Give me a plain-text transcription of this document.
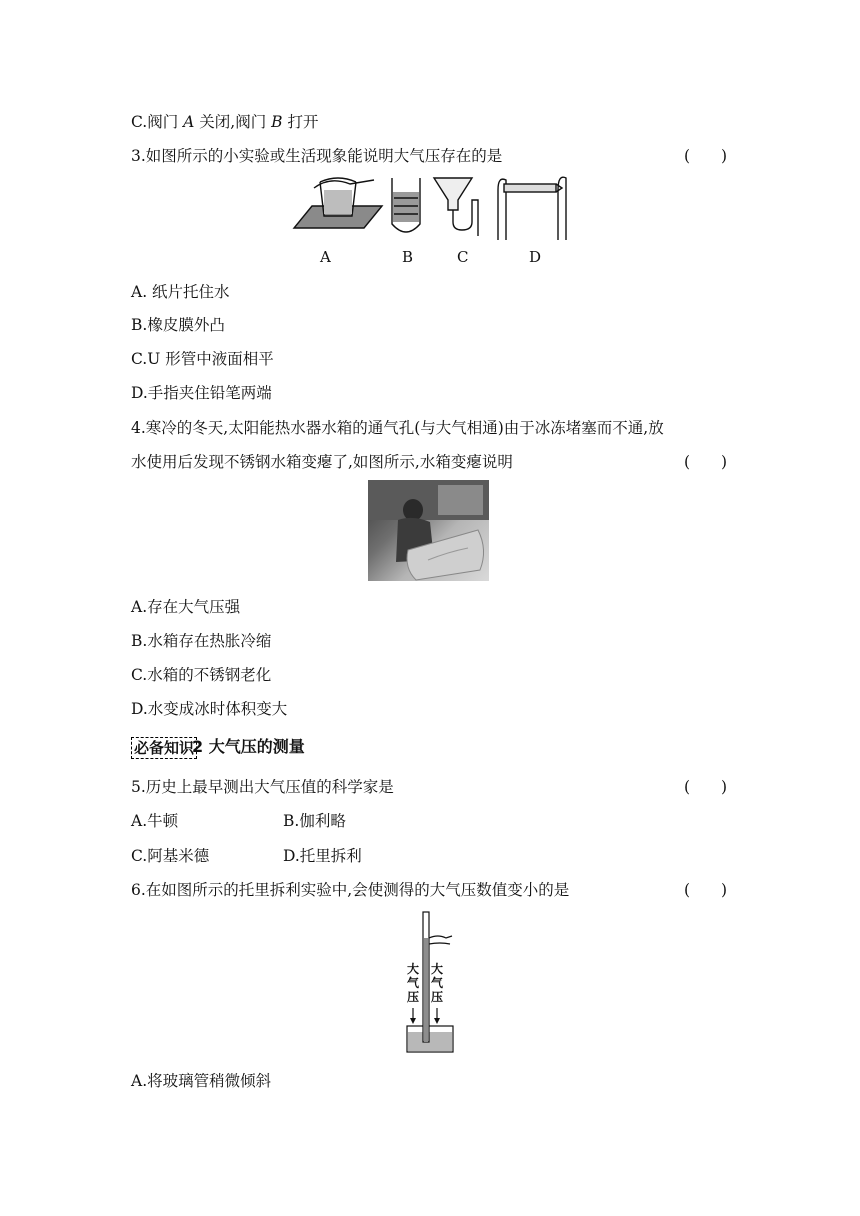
C.阀门 A 关闭,阀门 B 打开
3.如图所示的小实验或生活现象能说明大气压存在的是	(　　)
A	B	C	D
A. 纸片托住水
B.橡皮膜外凸
C.U 形管中液面相平
D.手指夹住铅笔两端
4.寒冷的冬天,太阳能热水器水箱的通气孔(与大气相通)由于冰冻堵塞而不通,放
水使用后发现不锈钢水箱变瘪了,如图所示,水箱变瘪说明	(　　)
A.存在大气压强
B.水箱存在热胀冷缩
C.水箱的不锈钢老化
D.水变成冰时体积变大
必备知识
2 大气压的测量
5.历史上最早测出大气压值的科学家是	(　　)
A.牛顿	B.伽利略
C.阿基米德	D.托里拆利
6.在如图所示的托里拆利实验中,会使测得的大气压数值变小的是	(　　)
大
气
压
大
气
压
A.将玻璃管稍微倾斜
